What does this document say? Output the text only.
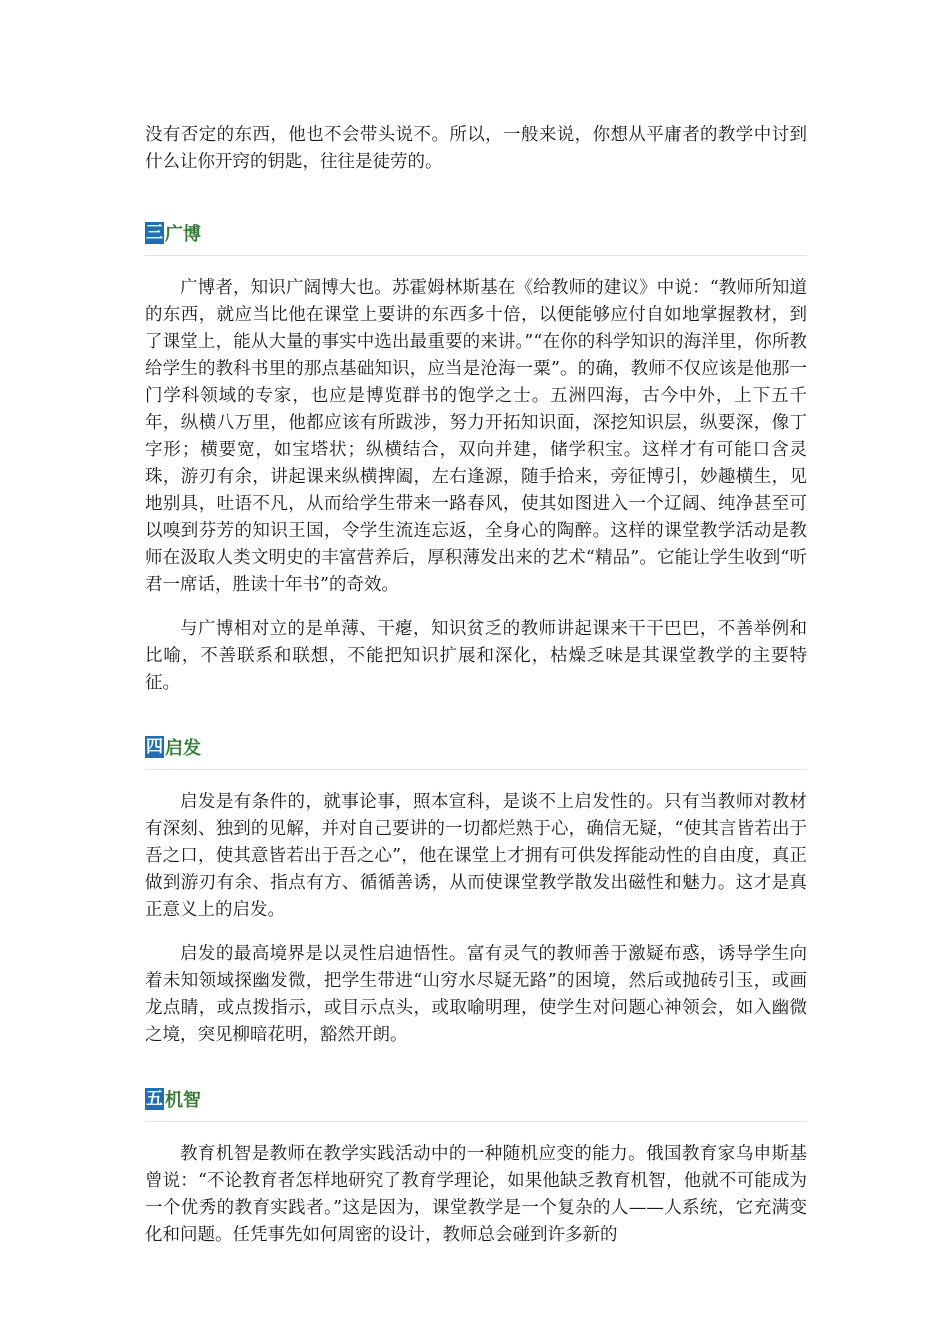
没有否定的东西，他也不会带头说不。所以，一般来说，你想从平庸者的教学中讨到什么让你开窍的钥匙，往往是徒劳的。

三 广博

广博者，知识广阔博大也。苏霍姆林斯基在《给教师的建议》中说：“教师所知道的东西，就应当比他在课堂上要讲的东西多十倍，以便能够应付自如地掌握教材，到了课堂上，能从大量的事实中选出最重要的来讲。”“在你的科学知识的海洋里，你所教给学生的教科书里的那点基础知识，应当是沧海一粟”。的确，教师不仅应该是他那一门学科领域的专家，也应是博览群书的饱学之士。五洲四海，古今中外，上下五千年，纵横八万里，他都应该有所跋涉，努力开拓知识面，深挖知识层，纵要深，像丁字形；横要宽，如宝塔状；纵横结合，双向并建，储学积宝。这样才有可能口含灵珠，游刃有余，讲起课来纵横捭阖，左右逢源，随手拾来，旁征博引，妙趣横生，见地别具，吐语不凡，从而给学生带来一路春风，使其如图进入一个辽阔、纯净甚至可以嗅到芬芳的知识王国，令学生流连忘返，全身心的陶醉。这样的课堂教学活动是教师在汲取人类文明史的丰富营养后，厚积薄发出来的艺术“精品”。它能让学生收到“听君一席话，胜读十年书”的奇效。

与广博相对立的是单薄、干瘪，知识贫乏的教师讲起课来干干巴巴，不善举例和比喻，不善联系和联想，不能把知识扩展和深化，枯燥乏味是其课堂教学的主要特征。

四 启发

启发是有条件的，就事论事，照本宣科，是谈不上启发性的。只有当教师对教材有深刻、独到的见解，并对自己要讲的一切都烂熟于心，确信无疑，“使其言皆若出于吾之口，使其意皆若出于吾之心”，他在课堂上才拥有可供发挥能动性的自由度，真正做到游刃有余、指点有方、循循善诱，从而使课堂教学散发出磁性和魅力。这才是真正意义上的启发。

启发的最高境界是以灵性启迪悟性。富有灵气的教师善于激疑布惑，诱导学生向着未知领域探幽发微，把学生带进“山穷水尽疑无路”的困境，然后或抛砖引玉，或画龙点睛，或点拨指示，或目示点头，或取喻明理，使学生对问题心神领会，如入幽微之境，突见柳暗花明，豁然开朗。

五 机智

教育机智是教师在教学实践活动中的一种随机应变的能力。俄国教育家乌申斯基曾说：“不论教育者怎样地研究了教育学理论，如果他缺乏教育机智，他就不可能成为一个优秀的教育实践者。”这是因为，课堂教学是一个复杂的人——人系统，它充满变化和问题。任凭事先如何周密的设计，教师总会碰到许多新的
